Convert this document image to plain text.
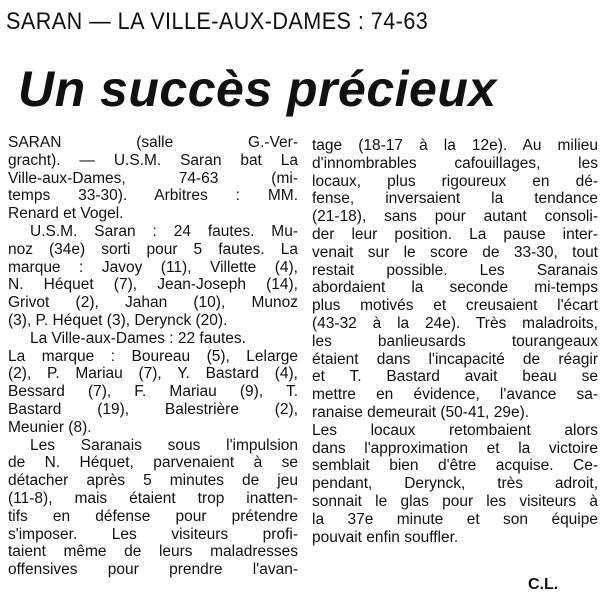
SARAN — LA VILLE-AUX-DAMES : 74-63
Un succès précieux
SARAN (salle G.-Ver-
gracht). — U.S.M. Saran bat La
Ville-aux-Dames, 74-63 (mi-
temps 33-30). Arbitres : MM.
Renard et Vogel.
U.S.M. Saran : 24 fautes. Mu-
noz (34e) sorti pour 5 fautes. La
marque : Javoy (11), Villette (4),
N. Héquet (7), Jean-Joseph (14),
Grivot (2), Jahan (10), Munoz
(3), P. Héquet (3), Derynck (20).
La Ville-aux-Dames : 22 fautes.
La marque : Boureau (5), Lelarge
(2), P. Mariau (7), Y. Bastard (4),
Bessard (7), F. Mariau (9), T.
Bastard (19), Balestrière (2),
Meunier (8).
Les Saranais sous l'impulsion
de N. Héquet, parvenaient à se
détacher après 5 minutes de jeu
(11-8), mais étaient trop inatten-
tifs en défense pour prétendre
s'imposer. Les visiteurs profi-
taient même de leurs maladresses
offensives pour prendre l'avan-
tage (18-17 à la 12e). Au milieu
d'innombrables cafouillages, les
locaux, plus rigoureux en dé-
fense, inversaient la tendance
(21-18), sans pour autant consoli-
der leur position. La pause inter-
venait sur le score de 33-30, tout
restait possible. Les Saranais
abordaient la seconde mi-temps
plus motivés et creusaient l'écart
(43-32 à la 24e). Très maladroits,
les banlieusards tourangeaux
étaient dans l'incapacité de réagir
et T. Bastard avait beau se
mettre en évidence, l'avance sa-
ranaise demeurait (50-41, 29e).
Les locaux retombaient alors
dans l'approximation et la victoire
semblait bien d'être acquise. Ce-
pendant, Derynck, très adroit,
sonnait le glas pour les visiteurs à
la 37e minute et son équipe
pouvait enfin souffler.
C.L.
